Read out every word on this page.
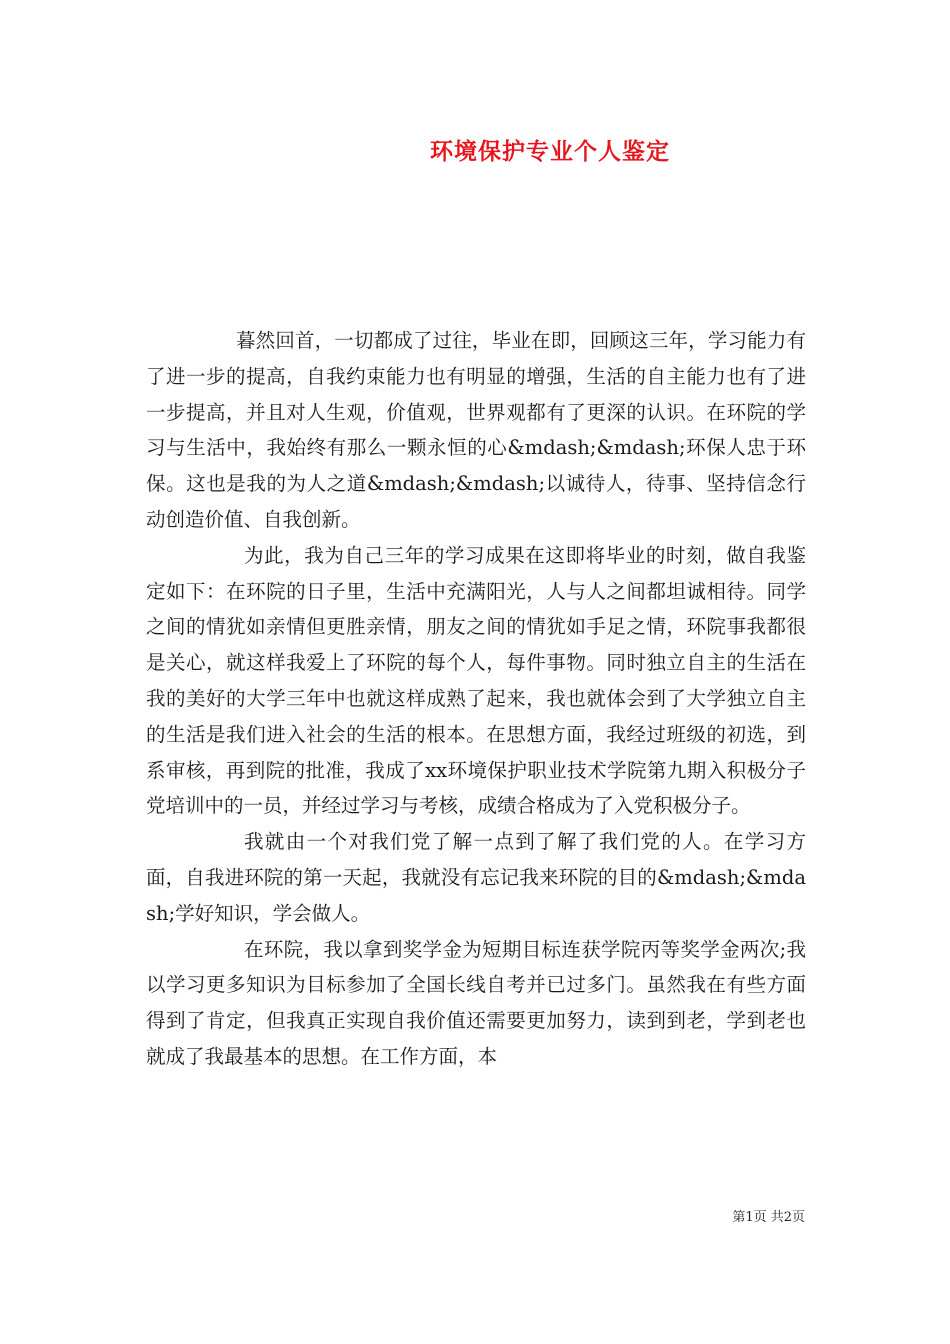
环境保护专业个人鉴定

暮然回首，一切都成了过往，毕业在即，回顾这三年，学习能力有了进一步的提高，自我约束能力也有明显的增强，生活的自主能力也有了进一步提高，并且对人生观，价值观，世界观都有了更深的认识。在环院的学习与生活中，我始终有那么一颗永恒的心&mdash;&mdash;环保人忠于环保。这也是我的为人之道&mdash;&mdash;以诚待人，待事、坚持信念行动创造价值、自我创新。

为此，我为自己三年的学习成果在这即将毕业的时刻，做自我鉴定如下：在环院的日子里，生活中充满阳光，人与人之间都坦诚相待。同学之间的情犹如亲情但更胜亲情，朋友之间的情犹如手足之情，环院事我都很是关心，就这样我爱上了环院的每个人，每件事物。同时独立自主的生活在我的美好的大学三年中也就这样成熟了起来，我也就体会到了大学独立自主的生活是我们进入社会的生活的根本。在思想方面，我经过班级的初选，到系审核，再到院的批准，我成了xx环境保护职业技术学院第九期入积极分子党培训中的一员，并经过学习与考核，成绩合格成为了入党积极分子。

我就由一个对我们党了解一点到了解了我们党的人。在学习方面，自我进环院的第一天起，我就没有忘记我来环院的目的&mdash;&mdash;学好知识，学会做人。

在环院，我以拿到奖学金为短期目标连获学院丙等奖学金两次;我以学习更多知识为目标参加了全国长线自考并已过多门。虽然我在有些方面得到了肯定，但我真正实现自我价值还需要更加努力，读到到老，学到老也就成了我最基本的思想。在工作方面，本

第1页 共2页
